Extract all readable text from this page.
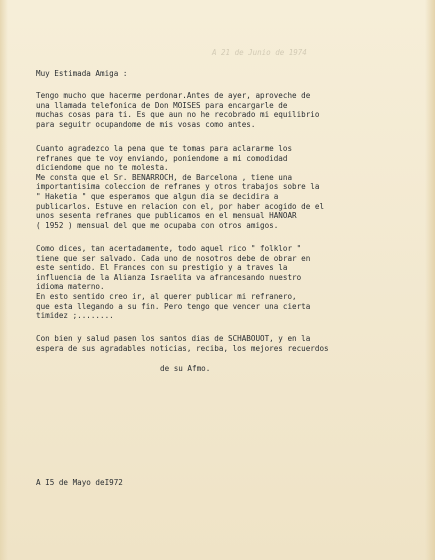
A 21 de Junio de 1974
Muy Estimada Amiga :
Tengo mucho que hacerme perdonar.Antes de ayer, aproveche de
una llamada telefonica de Don MOISES para encargarle de
muchas cosas para ti. Es que aun no he recobrado mi equilibrio
para seguitr ocupandome de mis vosas como antes.
Cuanto agradezco la pena que te tomas para aclararme los
refranes que te voy enviando, poniendome a mi comodidad
diciendome que no te molesta.
Me consta que el Sr. BENARROCH, de Barcelona , tiene una
importantisima coleccion de refranes y otros trabajos sobre la
" Haketia " que esperamos que algun dia se decidira a
publicarlos. Estuve en relacion con el, por haber acogido de el
unos sesenta refranes que publicamos en el mensual HANOAR
( 1952 ) mensual del que me ocupaba con otros amigos.
Como dices, tan acertadamente, todo aquel rico " folklor "
tiene que ser salvado. Cada uno de nosotros debe de obrar en
este sentido. El Frances con su prestigio y a traves la
influencia de la Alianza Israelita va afrancesando nuestro
idioma materno.
En esto sentido creo ir, al querer publicar mi refranero,
que esta llegando a su fin. Pero tengo que vencer una cierta
timidez ;........
Con bien y salud pasen los santos dias de SCHABOUOT, y en la
espera de sus agradables noticias, reciba, los mejores recuerdos
de su Afmo.
A I5 de Mayo deI972
